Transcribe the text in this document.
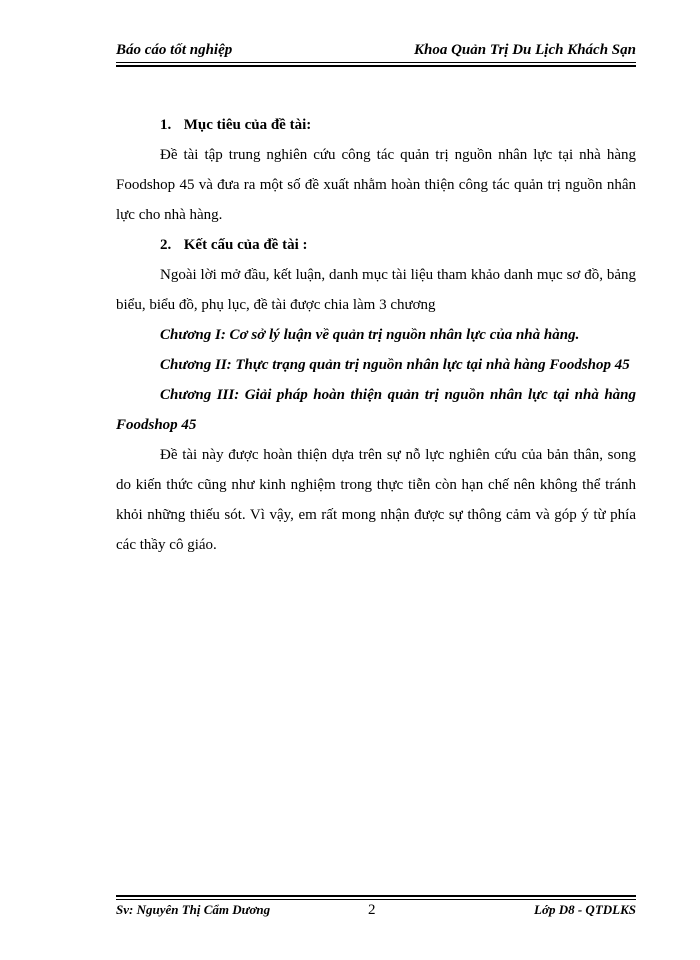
Báo cáo tốt nghiệp	Khoa Quản Trị Du Lịch Khách Sạn
1. Mục tiêu của đề tài:
Đề tài tập trung nghiên cứu công tác quản trị nguồn nhân lực tại nhà hàng Foodshop 45 và đưa ra một số đề xuất nhằm hoàn thiện công tác quản trị nguồn nhân lực cho nhà hàng.
2. Kết cấu của đề tài :
Ngoài lời mở đầu, kết luận, danh mục tài liệu tham khảo danh mục sơ đồ, bảng biểu, biểu đồ, phụ lục, đề tài được chia làm 3 chương
Chương I: Cơ sở lý luận về quản trị nguồn nhân lực của nhà hàng.
Chương II: Thực trạng quản trị nguồn nhân lực tại nhà hàng Foodshop 45
Chương III: Giải pháp hoàn thiện quản trị nguồn nhân lực tại nhà hàng Foodshop 45
Đề tài này được hoàn thiện dựa trên sự nỗ lực nghiên cứu của bản thân, song do kiến thức cũng như kinh nghiệm trong thực tiễn còn hạn chế nên không thể tránh khỏi những thiếu sót. Vì vậy, em rất mong nhận được sự thông cảm và góp ý từ phía các thầy cô giáo.
Sv: Nguyên Thị Cẩm Dương	2	Lớp D8 - QTDLKS
